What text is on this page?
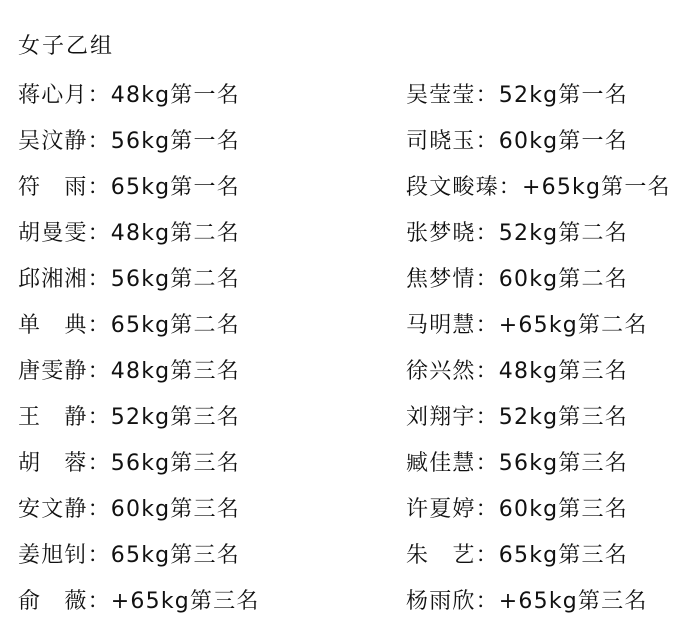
女子乙组
蒋心月：48kg第一名	吴莹莹：52kg第一名
吴汶静：56kg第一名	司晓玉：60kg第一名
符　雨：65kg第一名	段文畯瑧：+65kg第一名
胡曼雯：48kg第二名	张梦晓：52kg第二名
邱湘湘：56kg第二名	焦梦情：60kg第二名
单　典：65kg第二名	马明慧：+65kg第二名
唐雯静：48kg第三名	徐兴然：48kg第三名
王　静：52kg第三名	刘翔宇：52kg第三名
胡　蓉：56kg第三名	臧佳慧：56kg第三名
安文静：60kg第三名	许夏婷：60kg第三名
姜旭钊：65kg第三名	朱　艺：65kg第三名
俞　薇：+65kg第三名	杨雨欣：+65kg第三名
